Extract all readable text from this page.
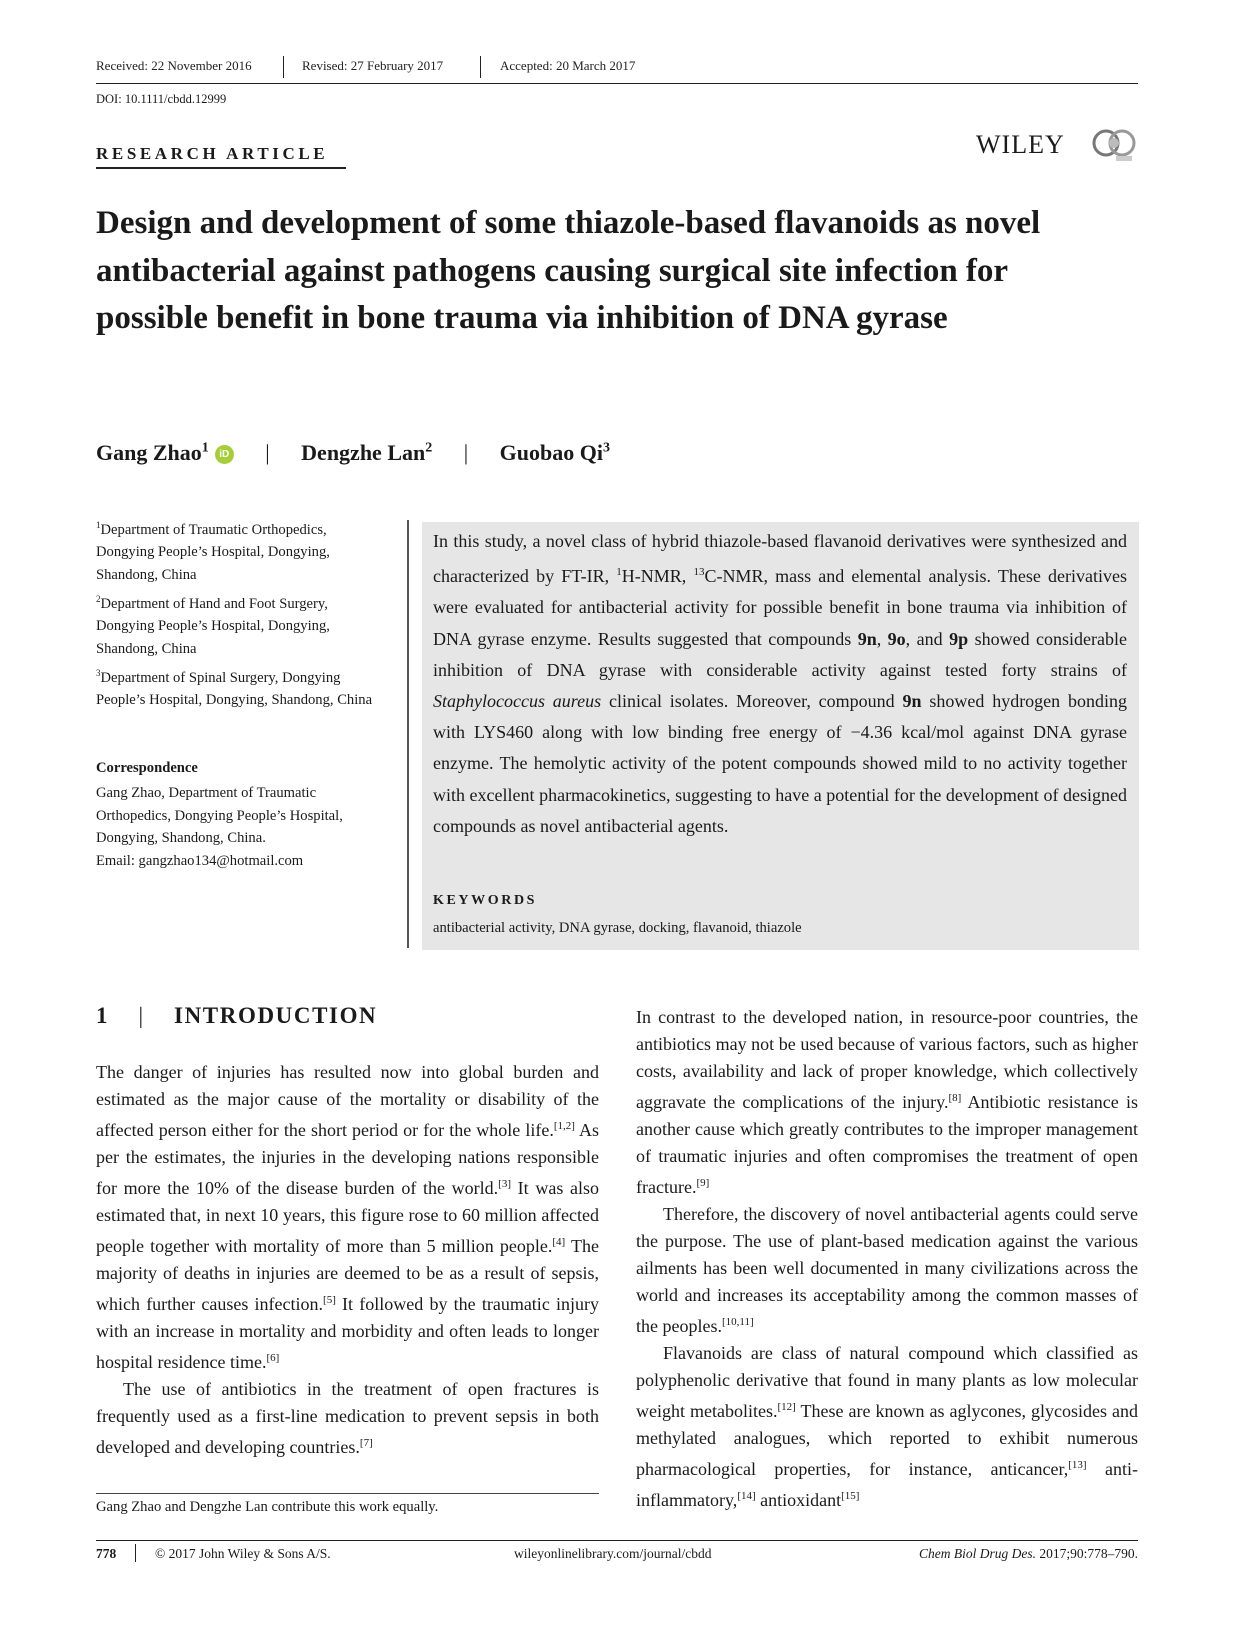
Received: 22 November 2016	Revised: 27 February 2017	Accepted: 20 March 2017
DOI: 10.1111/cbdd.12999
RESEARCH ARTICLE	WILEY
Design and development of some thiazole-based flavanoids as novel antibacterial against pathogens causing surgical site infection for possible benefit in bone trauma via inhibition of DNA gyrase
Gang Zhao$^1$ iD | Dengzhe Lan$^2$ | Guobao Qi$^3$
$^1$Department of Traumatic Orthopedics, Dongying People’s Hospital, Dongying, Shandong, China
$^2$Department of Hand and Foot Surgery, Dongying People’s Hospital, Dongying, Shandong, China
$^3$Department of Spinal Surgery, Dongying People’s Hospital, Dongying, Shandong, China
Correspondence
Gang Zhao, Department of Traumatic Orthopedics, Dongying People’s Hospital, Dongying, Shandong, China.
Email: gangzhao134@hotmail.com
In this study, a novel class of hybrid thiazole-based flavanoid derivatives were synthesized and characterized by FT-IR, $^1$H-NMR, $^{13}$C-NMR, mass and elemental analysis. These derivatives were evaluated for antibacterial activity for possible benefit in bone trauma via inhibition of DNA gyrase enzyme. Results suggested that compounds 9n, 9o, and 9p showed considerable inhibition of DNA gyrase with considerable activity against tested forty strains of Staphylococcus aureus clinical isolates. Moreover, compound 9n showed hydrogen bonding with LYS460 along with low binding free energy of −4.36 kcal/mol against DNA gyrase enzyme. The hemolytic activity of the potent compounds showed mild to no activity together with excellent pharmacokinetics, suggesting to have a potential for the development of designed compounds as novel antibacterial agents.
KEYWORDS
antibacterial activity, DNA gyrase, docking, flavanoid, thiazole
1 | INTRODUCTION

The danger of injuries has resulted now into global burden and estimated as the major cause of the mortality or disability of the affected person either for the short period or for the whole life.[1,2] As per the estimates, the injuries in the developing nations responsible for more the 10% of the disease burden of the world.[3] It was also estimated that, in next 10 years, this figure rose to 60 million affected people together with mortality of more than 5 million people.[4] The majority of deaths in injuries are deemed to be as a result of sepsis, which further causes infection.[5] It followed by the traumatic injury with an increase in mortality and morbidity and often leads to longer hospital residence time.[6]

The use of antibiotics in the treatment of open fractures is frequently used as a first-line medication to prevent sepsis in both developed and developing countries.[7]

In contrast to the developed nation, in resource-poor countries, the antibiotics may not be used because of various factors, such as higher costs, availability and lack of proper knowledge, which collectively aggravate the complications of the injury.[8] Antibiotic resistance is another cause which greatly contributes to the improper management of traumatic injuries and often compromises the treatment of open fracture.[9]

Therefore, the discovery of novel antibacterial agents could serve the purpose. The use of plant-based medication against the various ailments has been well documented in many civilizations across the world and increases its acceptability among the common masses of the peoples.[10,11]

Flavanoids are class of natural compound which classified as polyphenolic derivative that found in many plants as low molecular weight metabolites.[12] These are known as aglycones, glycosides and methylated analogues, which reported to exhibit numerous pharmacological properties, for instance, anticancer,[13] anti-inflammatory,[14] antioxidant[15]

Gang Zhao and Dengzhe Lan contribute this work equally.
778	© 2017 John Wiley & Sons A/S.	wileyonlinelibrary.com/journal/cbdd	Chem Biol Drug Des. 2017;90:778–790.
